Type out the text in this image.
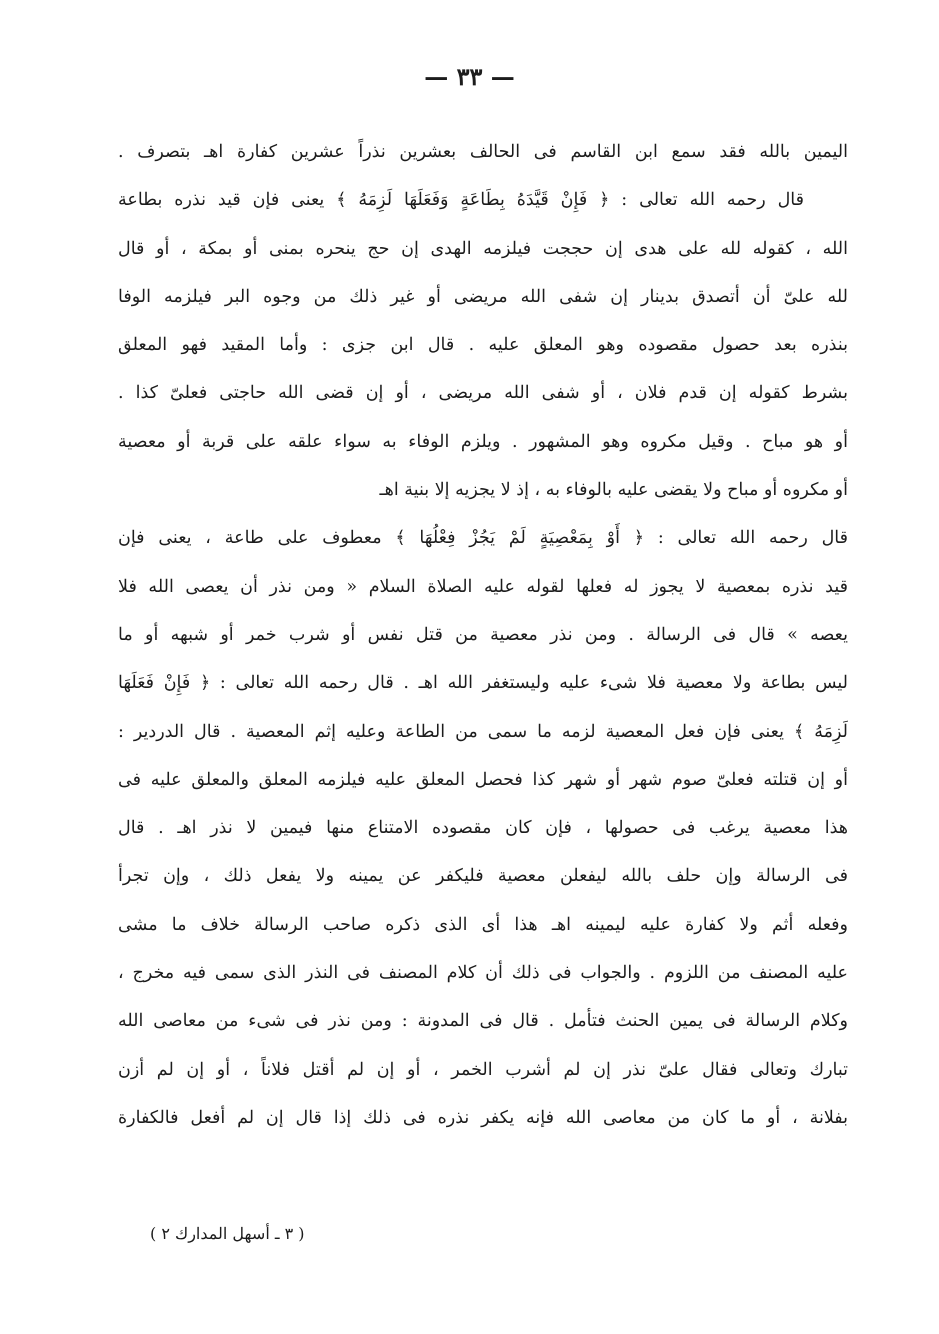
— ٣٣ —
اليمين بالله فقد سمع ابن القاسم فى الحالف بعشرين نذراً عشرين كفارة اهـ بتصرف .
قال رحمه الله تعالى : ﴿ فَإِنْ قَيَّدَهُ بِطَاعَةٍ وَفَعَلَهَا لَزِمَهُ ﴾ يعنى فإن قيد نذره بطاعة
الله ، كقوله لله على هدى إن حججت فيلزمه الهدى إن حج ينحره بمنى أو بمكة ، أو قال
لله علىّ أن أتصدق بدينار إن شفى الله مريضى أو غير ذلك من وجوه البر فيلزمه الوفا
بنذره بعد حصول مقصوده وهو المعلق عليه . قال ابن جزى : وأما المقيد فهو المعلق
بشرط كقوله إن قدم فلان ، أو شفى الله مريضى ، أو إن قضى الله حاجتى فعلىّ كذا .
أو هو مباح . وقيل مكروه وهو المشهور . ويلزم الوفاء به سواء علقه على قربة أو معصية
أو مكروه أو مباح ولا يقضى عليه بالوفاء به ، إذ لا يجزيه إلا بنية اهـ
قال رحمه الله تعالى : ﴿ أَوْ بِمَعْصِيَةٍ لَمْ يَجُزْ فِعْلُهَا ﴾ معطوف على طاعة ، يعنى فإن
قيد نذره بمعصية لا يجوز له فعلها لقوله عليه الصلاة السلام « ومن نذر أن يعصى الله فلا
يعصه » قال فى الرسالة . ومن نذر معصية من قتل نفس أو شرب خمر أو شبهه أو ما
ليس بطاعة ولا معصية فلا شىء عليه وليستغفر الله اهـ . قال رحمه الله تعالى : ﴿ فَإِنْ فَعَلَهَا
لَزِمَهُ ﴾ يعنى فإن فعل المعصية لزمه ما سمى من الطاعة وعليه إثم المعصية . قال الدردير :
أو إن قتلته فعلىّ صوم شهر أو شهر كذا فحصل المعلق عليه فيلزمه المعلق والمعلق عليه فى
هذا معصية يرغب فى حصولها ، فإن كان مقصوده الامتناع منها فيمين لا نذر اهـ . قال
فى الرسالة وإن حلف بالله ليفعلن معصية فليكفر عن يمينه ولا يفعل ذلك ، وإن تجرأ
وفعله أثم ولا كفارة عليه ليمينه اهـ هذا أى الذى ذكره صاحب الرسالة خلاف ما مشى
عليه المصنف من اللزوم . والجواب فى ذلك أن كلام المصنف فى النذر الذى سمى فيه مخرج ،
وكلام الرسالة فى يمين الحنث فتأمل . قال فى المدونة : ومن نذر فى شىء من معاصى الله
تبارك وتعالى فقال علىّ نذر إن لم أشرب الخمر ، أو إن لم أقتل فلاناً ، أو إن لم أزن
بفلانة ، أو ما كان من معاصى الله فإنه يكفر نذره فى ذلك إذا قال إن لم أفعل فالكفارة
( ٣ ـ أسهل المدارك ٢ )
